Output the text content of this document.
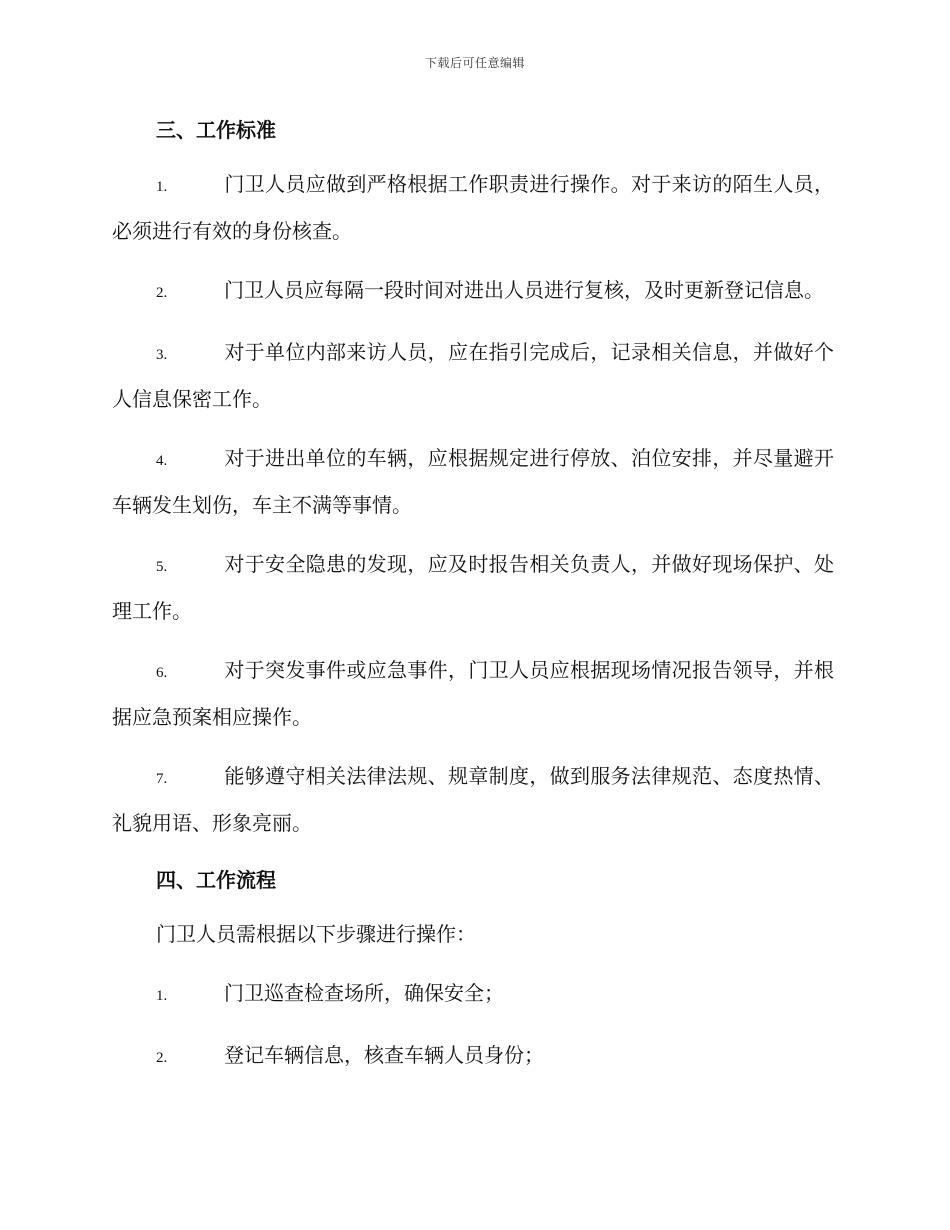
下载后可任意编辑
三、工作标准

1.	门卫人员应做到严格根据工作职责进行操作。对于来访的陌生人员，必须进行有效的身份核查。

2.	门卫人员应每隔一段时间对进出人员进行复核，及时更新登记信息。

3.	对于单位内部来访人员，应在指引完成后，记录相关信息，并做好个人信息保密工作。

4.	对于进出单位的车辆，应根据规定进行停放、泊位安排，并尽量避开车辆发生划伤，车主不满等事情。

5.	对于安全隐患的发现，应及时报告相关负责人，并做好现场保护、处理工作。

6.	对于突发事件或应急事件，门卫人员应根据现场情况报告领导，并根据应急预案相应操作。

7.	能够遵守相关法律法规、规章制度，做到服务法律规范、态度热情、礼貌用语、形象亮丽。

四、工作流程

门卫人员需根据以下步骤进行操作：

1.	门卫巡查检查场所，确保安全；

2.	登记车辆信息，核查车辆人员身份；
